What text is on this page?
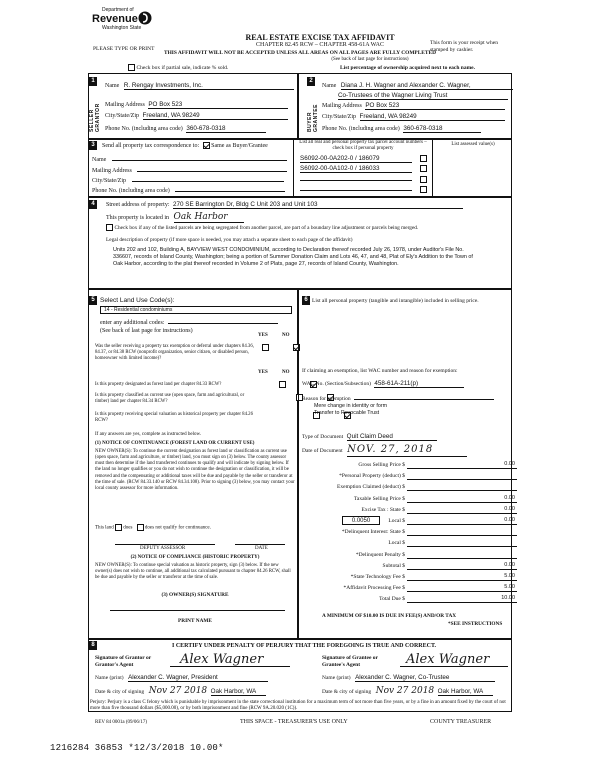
Department of
Revenue
Washington State
PLEASE TYPE OR PRINT
REAL ESTATE EXCISE TAX AFFIDAVIT
CHAPTER 82.45 RCW – CHAPTER 458-61A WAC
THIS AFFIDAVIT WILL NOT BE ACCEPTED UNLESS ALL AREAS ON ALL PAGES ARE FULLY COMPLETED
(See back of last page for instructions)
This form is your receipt when stamped by cashier.
Check box if partial sale, indicate % sold.	List percentage of ownership acquired next to each name.
1	2
SELLER GRANTOR	BUYER GRANTEE
Name R. Rengay Investments, Inc.
Mailing Address PO Box 523
City/State/Zip Freeland, WA 98249
Phone No. (including area code) 360-678-0318
Name Diana J. H. Wagner and Alexander C. Wagner,
Co-Trustees of the Wagner Living Trust
Mailing Address PO Box 523
City/State/Zip Freeland, WA 98249
Phone No. (including area code) 360-678-0318
3	Send all property tax correspondence to: Same as Buyer/Grantee
Name
Mailing Address
City/State/Zip
Phone No. (including area code)
List all real and personal property tax parcel account numbers – check box if personal property
List assessed value(s)
S6092-00-0A202-0 / 186079
S6092-00-0A102-0 / 186033

4	Street address of property: 270 SE Barrington Dr, Bldg C Unit 203 and Unit 103
This property is located in Oak Harbor
Check box if any of the listed parcels are being segregated from another parcel, are part of a boundary line adjustment or parcels being merged.
Legal description of property (if more space is needed, you may attach a separate sheet to each page of the affidavit)
Units 202 and 102, Building A, BAYVIEW WEST CONDOMINIUM, according to Declaration thereof recorded July 26, 1978, under Auditor's File No. 336607, records of Island County, Washington; being a portion of Summer Donation Claim and Lots 46, 47, and 48, Plat of Ely's Addition to the Town of Oak Harbor, according to the plat thereof recorded in Volume 2 of Plats, page 27, records of Island County, Washington.
5 Select Land Use Code(s):
14 - Residential condominiums
enter any additional codes:
(See back of last page for instructions)
YES	NO
Was the seller receiving a property tax exemption or deferral under chapters 84.36, 84.37, or 84.38 RCW (nonprofit organization, senior citizen, or disabled person, homeowner with limited income)?

YES	NO
Is this property designated as forest land per chapter 84.33 RCW?

Is this property classified as current use (open space, farm and agricultural, or timber) land per chapter 84.34 RCW?

Is this property receiving special valuation as historical property per chapter 84.26 RCW?

If any answers are yes, complete as instructed below.
(1) NOTICE OF CONTINUANCE (FOREST LAND OR CURRENT USE)
NEW OWNER(S): To continue the current designation as forest land or classification as current use (open space, farm and agriculture, or timber) land, you must sign on (3) below. The county assessor must then determine if the land transferred continues to qualify and will indicate by signing below. If the land no longer qualifies or you do not wish to continue the designation or classification, it will be removed and the compensating or additional taxes will be due and payable by the seller or transferor at the time of sale. (RCW 84.33.140 or RCW 84.34.108). Prior to signing (3) below, you may contact your local county assessor for more information.
This land does	does not qualify for continuance.
DEPUTY ASSESSOR	DATE
(2) NOTICE OF COMPLIANCE (HISTORIC PROPERTY)
NEW OWNER(S): To continue special valuation as historic property, sign (3) below. If the new owner(s) does not wish to continue, all additional tax calculated pursuant to chapter 84.26 RCW, shall be due and payable by the seller or transferor at the time of sale.
(3) OWNER(S) SIGNATURE
PRINT NAME
6 List all personal property (tangible and intangible) included in selling price.
If claiming an exemption, list WAC number and reason for exemption:
WAC No. (Section/Subsection) 458-61A-211(p)
Reason for exemption
Mere change in identity or form
Transfer to Revocable Trust
Type of Document Quit Claim Deed
Date of Document NOV. 27, 2018
Gross Selling Price $	0.00
*Personal Property (deduct) $
Exemption Claimed (deduct) $
Taxable Selling Price $	0.00
Excise Tax : State $	0.00
Local $	0.00
*Delinquent Interest: State $
Local $
*Delinquent Penalty $
Subtotal $	0.00
*State Technology Fee $	5.00
*Affidavit Processing Fee $	5.00
Total Due $	10.00
0.0050
A MINIMUM OF $10.00 IS DUE IN FEE(S) AND/OR TAX
*SEE INSTRUCTIONS
8	I CERTIFY UNDER PENALTY OF PERJURY THAT THE FOREGOING IS TRUE AND CORRECT.
Signature of Grantor or Grantor's Agent	Alex Wagner
Name (print) Alexander C. Wagner, President
Date & city of signing Nov 27 2018 Oak Harbor, WA
Signature of Grantee or Grantee's Agent	Alex Wagner
Name (print) Alexander C. Wagner, Co-Trustee
Date & city of signing Nov 27 2018 Oak Harbor, WA
Perjury: Perjury is a class C felony which is punishable by imprisonment in the state correctional institution for a maximum term of not more than five years, or by a fine in an amount fixed by the court of not more than five thousand dollars ($5,000.00), or by both imprisonment and fine (RCW 9A.20.020 (1C)).
REV 84 0001a (09/06/17)	THIS SPACE - TREASURER'S USE ONLY	COUNTY TREASURER
1216284 36853 *12/3/2018 10.00*
